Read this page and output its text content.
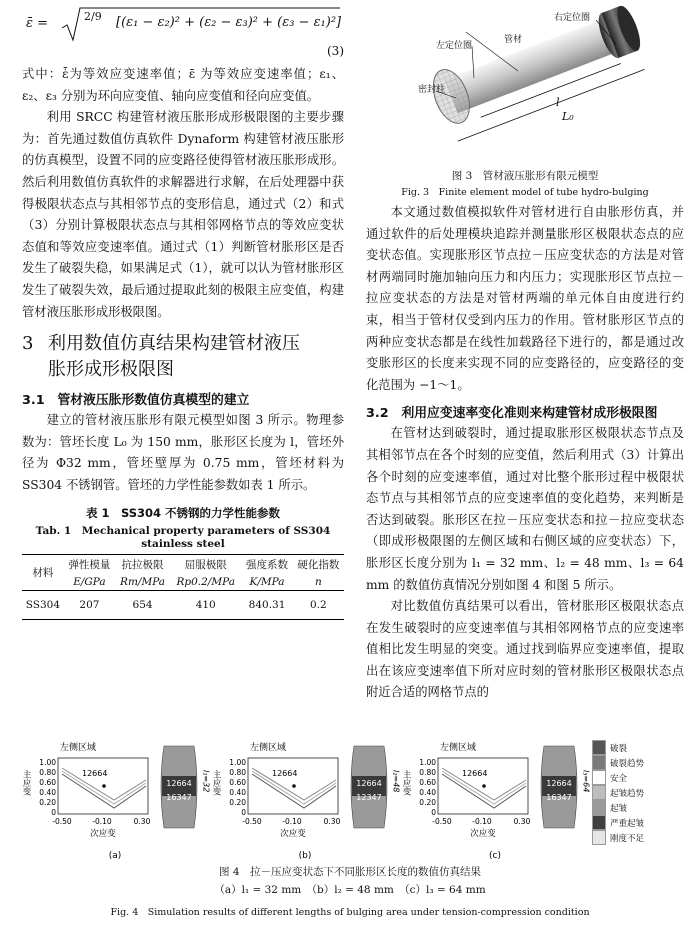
ε̄ =	2/9 [(ε₁ − ε₂)² + (ε₂ − ε₃)² + (ε₃ − ε₁)²]
(3)

式中：ε̇̄为等效应变速率值；ε̄ 为等效应变速率值；ε₁、ε₂、ε₃ 分别为环向应变值、轴向应变值和径向应变值。

利用 SRCC 构建管材液压胀形成形极限图的主要步骤为：首先通过数值仿真软件 Dynaform 构建管材液压胀形的仿真模型，设置不同的应变路径使得管材液压胀形成形。然后利用数值仿真软件的求解器进行求解，在后处理器中获得极限状态点与其相邻节点的变形信息，通过式（2）和式（3）分别计算极限状态点与其相邻网格节点的等效应变状态值和等效应变速率值。通过式（1）判断管材胀形区是否发生了破裂失稳，如果满足式（1），就可以认为管材胀形区发生了破裂失效，最后通过提取此刻的极限主应变值，构建管材液压胀形成形极限图。

3 利用数值仿真结果构建管材液压
胀形成形极限图
3.1　管材液压胀形数值仿真模型的建立

建立的管材液压胀形有限元模型如图 3 所示。物理参数为：管坯长度 L₀ 为 150 mm，胀形区长度为 l，管坯外径为 Φ32 mm，管坯壁厚为 0.75 mm，管坯材料为 SS304 不锈钢管。管坯的力学性能参数如表 1 所示。

表 1　SS304 不锈钢的力学性能参数
Tab. 1　Mechanical property parameters of SS304 stainless steel
材料	弹性模量	抗拉极限	屈服极限	强度系数	硬化指数
	E/GPa	Rm/MPa	Rp0.2/MPa	K/MPa	n
SS304	207	654	410	840.31	0.2
右定位圈
管材
左定位圈
密封柱
l
L₀
图 3　管材液压胀形有限元模型
Fig. 3　Finite element model of tube hydro-bulging

本文通过数值模拟软件对管材进行自由胀形仿真，并通过软件的后处理模块追踪并测量胀形区极限状态点的应变状态值。实现胀形区节点拉－压应变状态的方法是对管材两端同时施加轴向压力和内压力；实现胀形区节点拉－拉应变状态的方法是对管材两端的单元体自由度进行约束，相当于管材仅受到内压力的作用。管材胀形区节点的两种应变状态都是在线性加载路径下进行的，都是通过改变胀形区的长度来实现不同的应变路径的，应变路径的变化范围为 −1～1。

3.2　利用应变速率变化准则来构建管材成形极限图

在管材达到破裂时，通过提取胀形区极限状态节点及其相邻节点在各个时刻的应变值，然后利用式（3）计算出各个时刻的应变速率值，通过对比整个胀形过程中极限状态节点与其相邻节点的应变速率值的变化趋势，来判断是否达到破裂。胀形区在拉－压应变状态和拉－拉应变状态（即成形极限图的左侧区域和右侧区域的应变状态）下，胀形区长度分别为 l₁ = 32 mm、l₂ = 48 mm、l₃ = 64 mm 的数值仿真情况分别如图 4 和图 5 所示。

对比数值仿真结果可以看出，管材胀形区极限状态点在发生破裂时的应变速率值与其相邻网格节点的应变速率值相比发生明显的突变。通过找到临界应变速率值，提取出在该应变速率值下所对应时刻的管材胀形区极限状态点附近合适的网格节点的

左侧区域
1.00
0.80
0.60
0.40
0.20
0
-0.50	-0.10	0.30
主应变
次应变
12664
12664
16347
l₁=32
(a)
左侧区域
1.00
0.80
0.60
0.40
0.20
0
-0.50	-0.10	0.30
主应变
次应变
12664
12664
12347
l₂=48
(b)
左侧区域
1.00
0.80
0.60
0.40
0.20
0
-0.50	-0.10	0.30
主应变
次应变
12664
12664
16347
l₃=64
(c)
破裂
破裂趋势
安全
起皱趋势
起皱
严重起皱
刚度不足
图 4　拉－压应变状态下不同胀形区长度的数值仿真结果
（a）l₁ = 32 mm　（b）l₂ = 48 mm　（c）l₃ = 64 mm
Fig. 4　Simulation results of different lengths of bulging area under tension-compression condition
